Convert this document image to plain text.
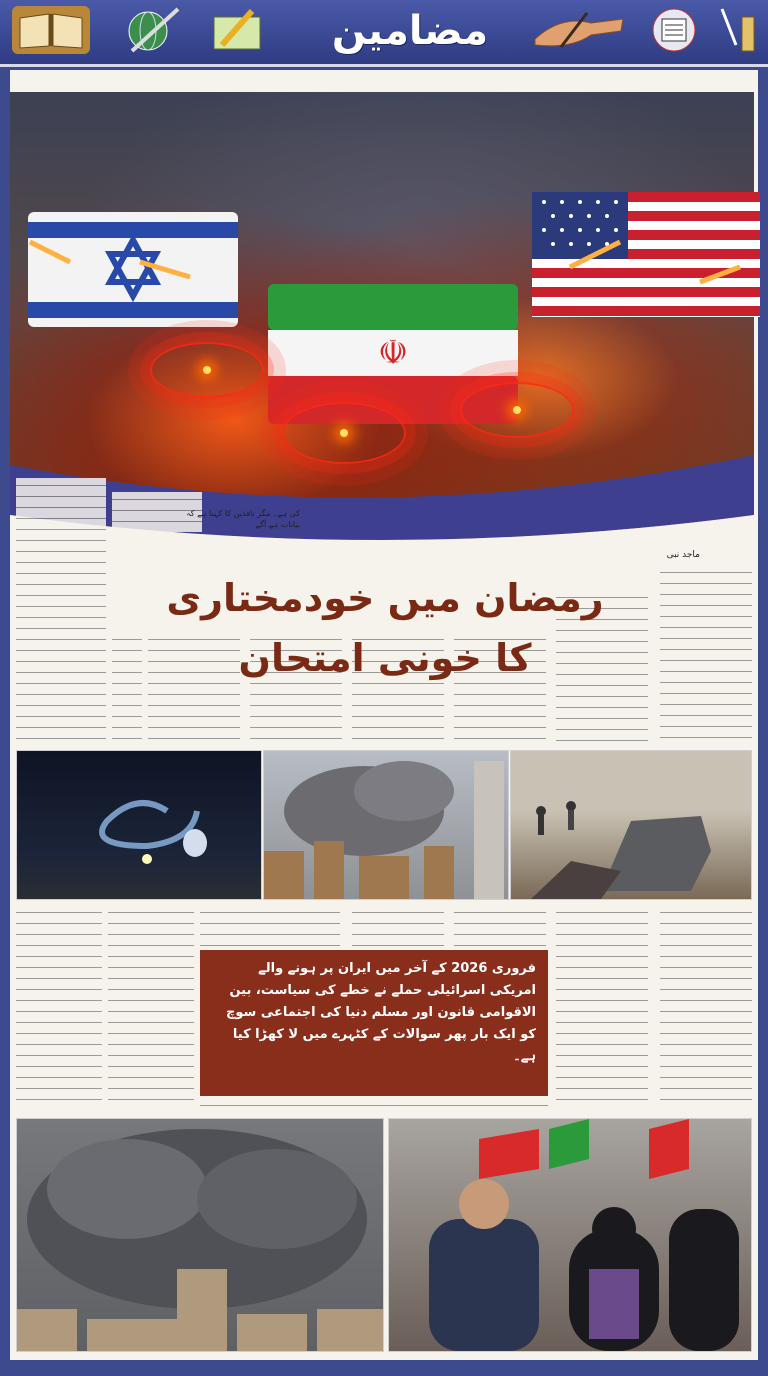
مضامین
☫
کی ہے۔ مگر نافذین کا کہنا ہے کہ بیانات ہے آگے
ماجد نبی
رمضان میں خودمختاری کا خونی امتحان
فروری 2026 کے آخر میں ایران پر ہونے والے امریکی اسرائیلی حملے نے خطے کی سیاست، بین الاقوامی قانون اور مسلم دنیا کی اجتماعی سوچ کو ایک بار پھر سوالات کے کٹہرے میں لا کھڑا کیا ہے۔
